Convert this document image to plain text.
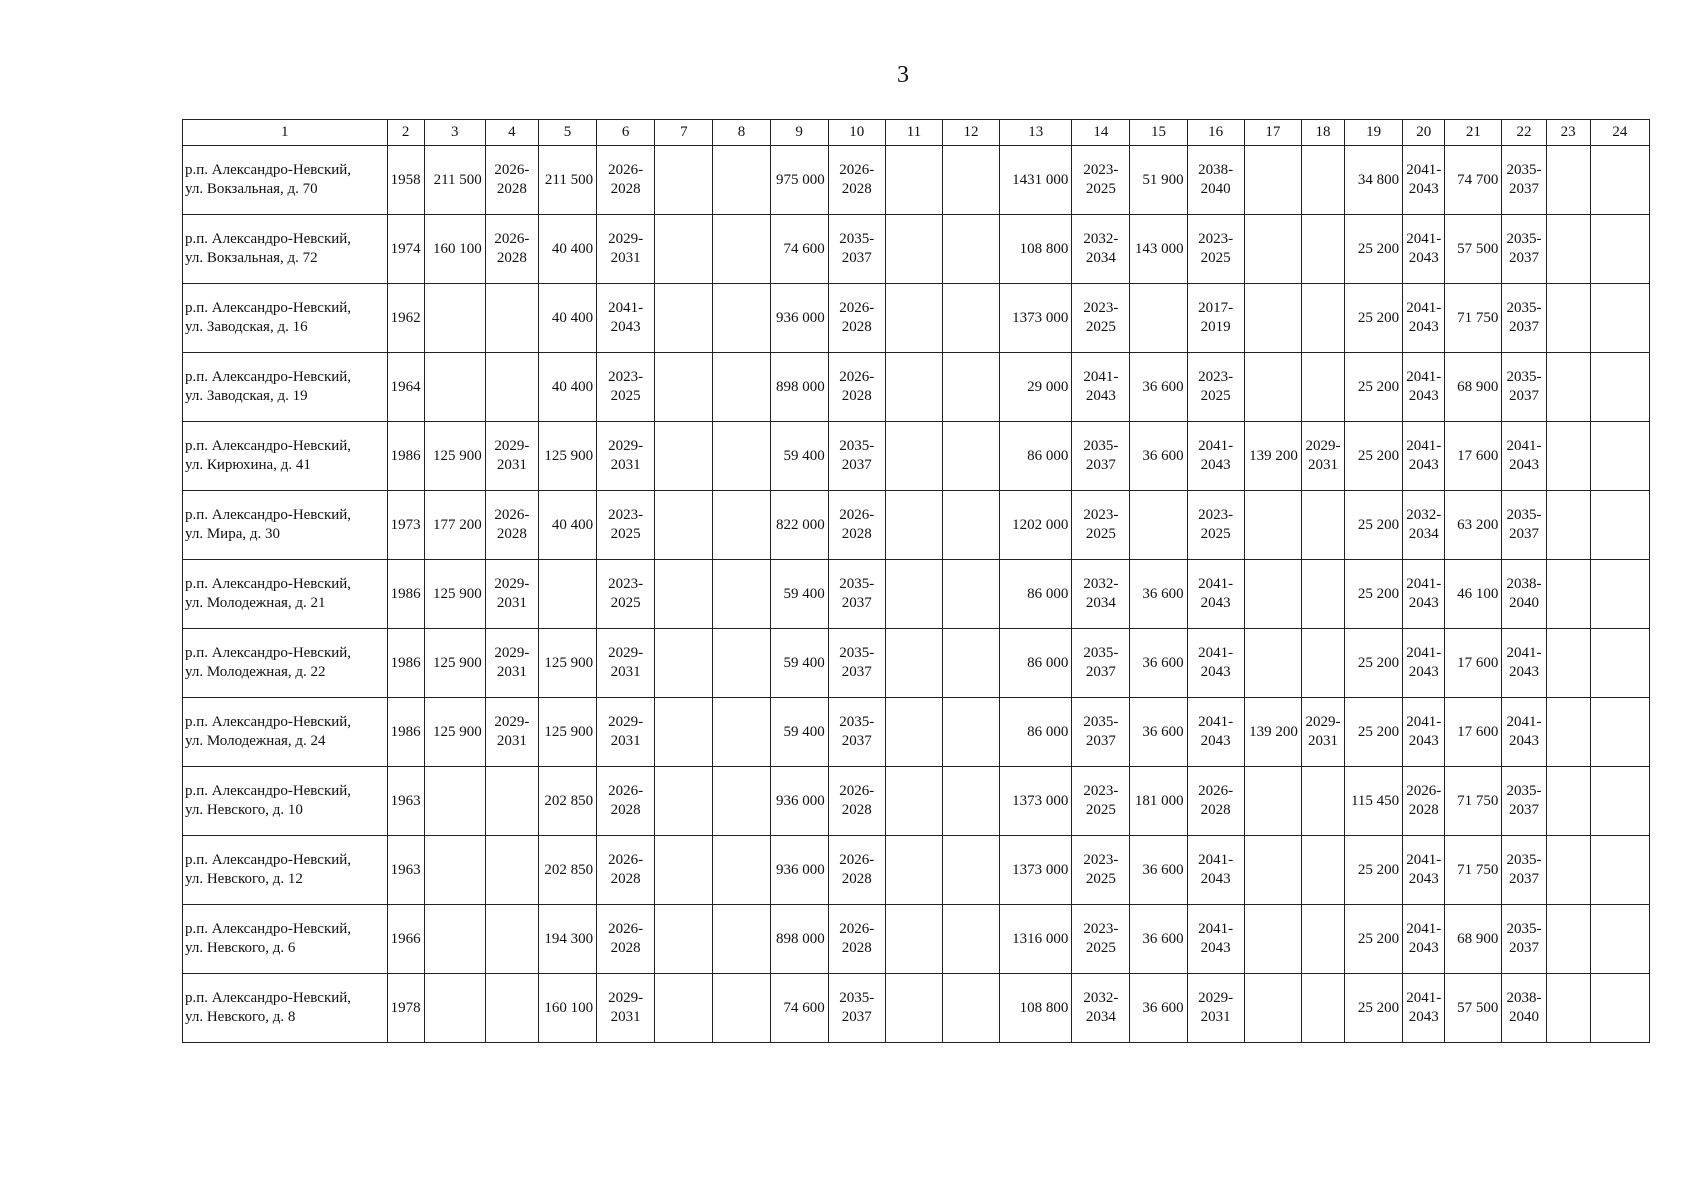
3
1	2	3	4	5	6	7	8	9	10	11	12	13	14	15	16	17	18	19	20	21	22	23	24
р.п. Александро-Невский,
ул. Вокзальная, д. 70	1958	211 500	2026-
2028	211 500	2026-
2028			975 000	2026-
2028			1431 000	2023-
2025	51 900	2038-
2040			34 800	2041-
2043	74 700	2035-
2037		

р.п. Александро-Невский,
ул. Вокзальная, д. 72	1974	160 100	2026-
2028	40 400	2029-
2031			74 600	2035-
2037			108 800	2032-
2034	143 000	2023-
2025			25 200	2041-
2043	57 500	2035-
2037		

р.п. Александро-Невский,
ул. Заводская, д. 16	1962			40 400	2041-
2043			936 000	2026-
2028			1373 000	2023-
2025		2017-
2019			25 200	2041-
2043	71 750	2035-
2037		

р.п. Александро-Невский,
ул. Заводская, д. 19	1964			40 400	2023-
2025			898 000	2026-
2028			29 000	2041-
2043	36 600	2023-
2025			25 200	2041-
2043	68 900	2035-
2037		

р.п. Александро-Невский,
ул. Кирюхина, д. 41	1986	125 900	2029-
2031	125 900	2029-
2031			59 400	2035-
2037			86 000	2035-
2037	36 600	2041-
2043	139 200	2029-
2031	25 200	2041-
2043	17 600	2041-
2043		

р.п. Александро-Невский,
ул. Мира, д. 30	1973	177 200	2026-
2028	40 400	2023-
2025			822 000	2026-
2028			1202 000	2023-
2025		2023-
2025			25 200	2032-
2034	63 200	2035-
2037		

р.п. Александро-Невский,
ул. Молодежная, д. 21	1986	125 900	2029-
2031		2023-
2025			59 400	2035-
2037			86 000	2032-
2034	36 600	2041-
2043			25 200	2041-
2043	46 100	2038-
2040		

р.п. Александро-Невский,
ул. Молодежная, д. 22	1986	125 900	2029-
2031	125 900	2029-
2031			59 400	2035-
2037			86 000	2035-
2037	36 600	2041-
2043			25 200	2041-
2043	17 600	2041-
2043		

р.п. Александро-Невский,
ул. Молодежная, д. 24	1986	125 900	2029-
2031	125 900	2029-
2031			59 400	2035-
2037			86 000	2035-
2037	36 600	2041-
2043	139 200	2029-
2031	25 200	2041-
2043	17 600	2041-
2043		

р.п. Александро-Невский,
ул. Невского, д. 10	1963			202 850	2026-
2028			936 000	2026-
2028			1373 000	2023-
2025	181 000	2026-
2028			115 450	2026-
2028	71 750	2035-
2037		

р.п. Александро-Невский,
ул. Невского, д. 12	1963			202 850	2026-
2028			936 000	2026-
2028			1373 000	2023-
2025	36 600	2041-
2043			25 200	2041-
2043	71 750	2035-
2037		

р.п. Александро-Невский,
ул. Невского, д. 6	1966			194 300	2026-
2028			898 000	2026-
2028			1316 000	2023-
2025	36 600	2041-
2043			25 200	2041-
2043	68 900	2035-
2037		

р.п. Александро-Невский,
ул. Невского, д. 8	1978			160 100	2029-
2031			74 600	2035-
2037			108 800	2032-
2034	36 600	2029-
2031			25 200	2041-
2043	57 500	2038-
2040		
